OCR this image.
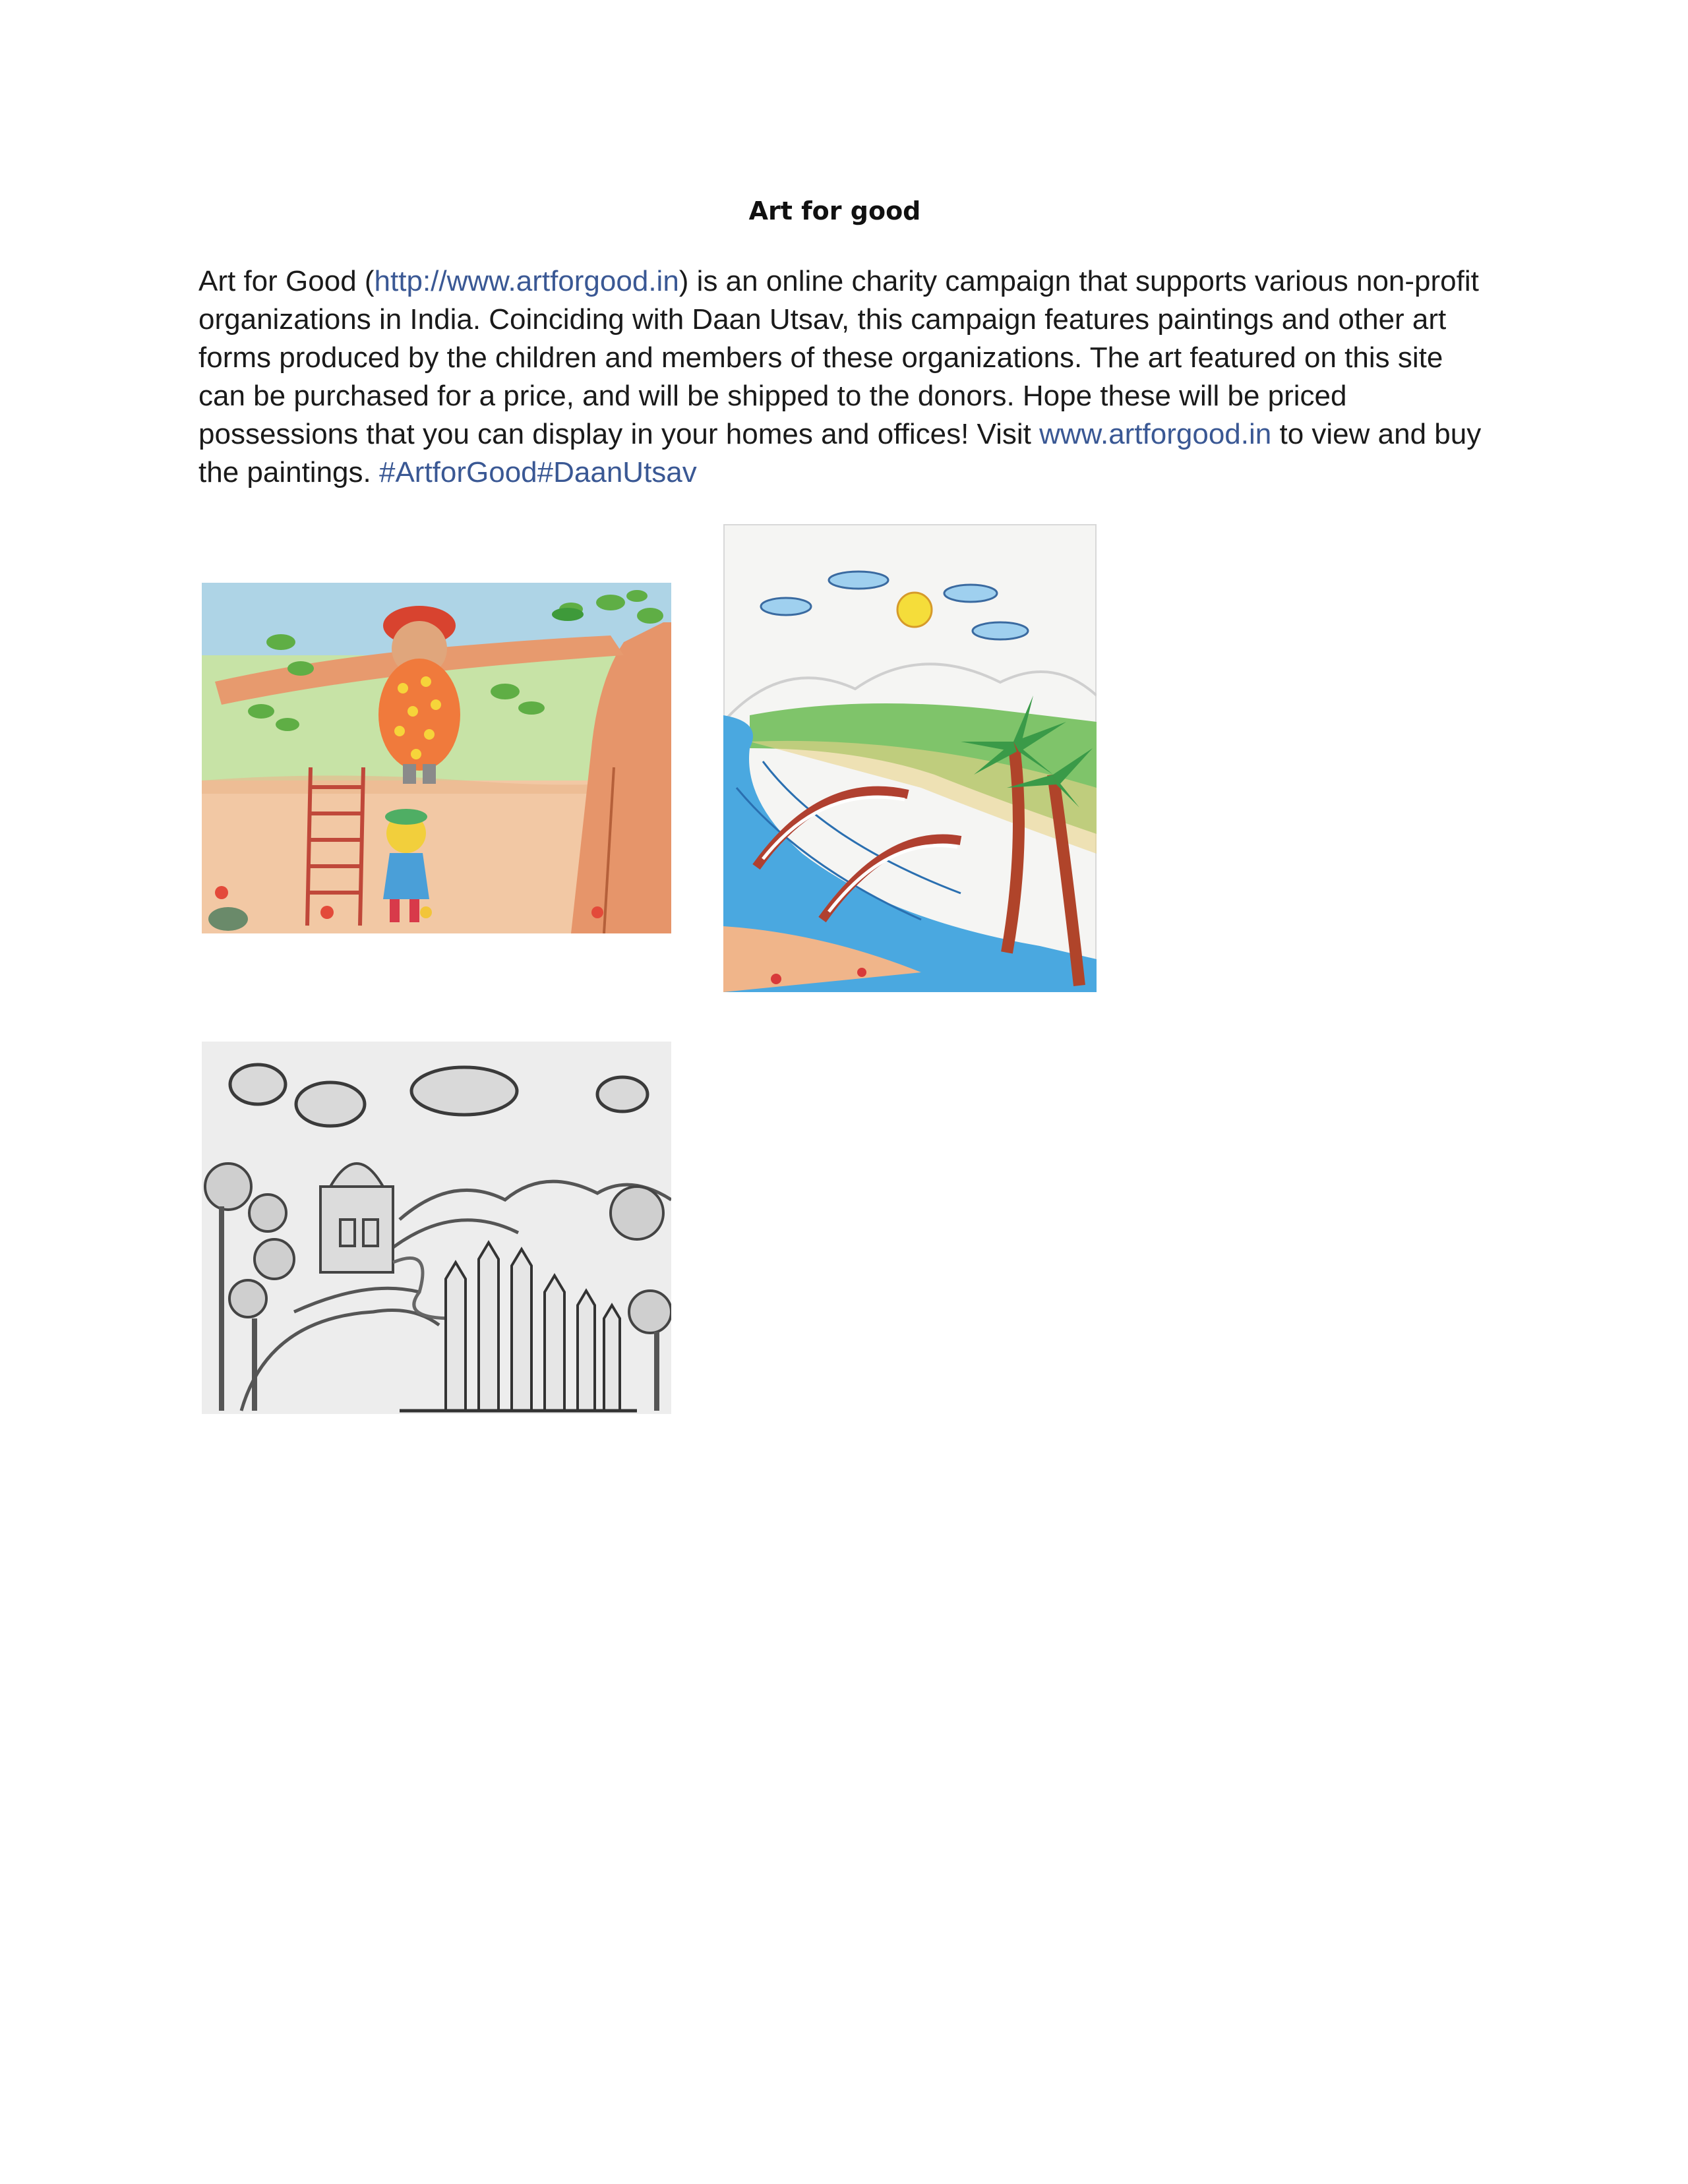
Art for good
Art for Good (http://www.artforgood.in) is an online charity campaign that supports various non-profit
organizations in India. Coinciding with Daan Utsav, this campaign features paintings and other art
forms produced by the children and members of these organizations. The art featured on this site
can be purchased for a price, and will be shipped to the donors. Hope these will be priced
possessions that you can display in your homes and offices! Visit www.artforgood.in to view and buy
the paintings. #ArtforGood#DaanUtsav
